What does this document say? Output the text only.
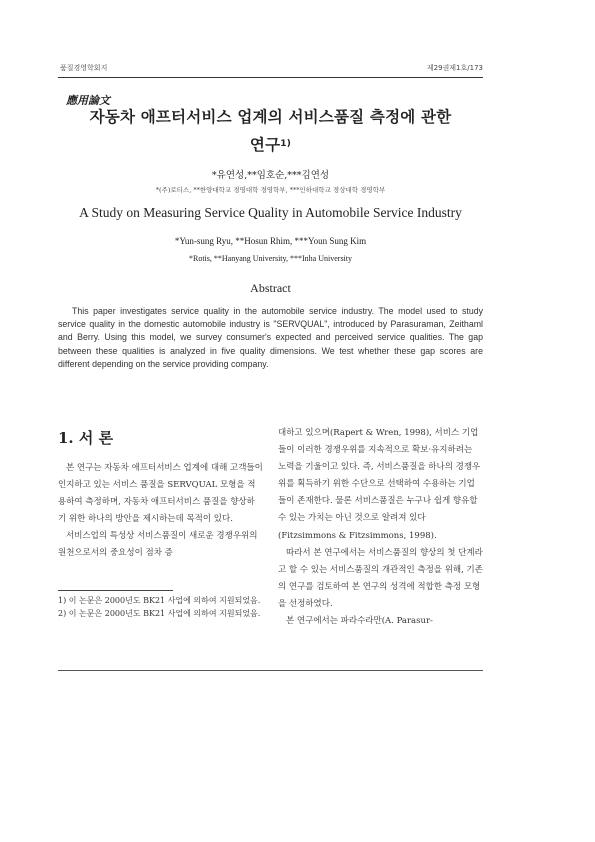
품질경영학회지	제29권제1호/173
應用論文
자동차 애프터서비스 업계의 서비스품질 측정에 관한
연구$^{1)}$
*유연성,**임호순,***김연성
*(주)로티스, **한양대학교 경영대학 경영학부, ***인하대학교 경상대학 경영학부
A Study on Measuring Service Quality in Automobile Service Industry
*Yun-sung Ryu, **Hosun Rhim, ***Youn Sung Kim
*Rotis, **Hanyang University, ***Inha University
Abstract
This paper investigates service quality in the automobile service industry. The model used to study service quality in the domestic automobile industry is "SERVQUAL", introduced by Parasuraman, Zeithaml and Berry. Using this model, we survey consumer's expected and perceived service qualities. The gap between these qualities is analyzed in five quality dimensions. We test whether these gap scores are different depending on the service providing company.
1. 서 론

본 연구는 자동차 애프터서비스 업계에 대해 고객들이 인지하고 있는 서비스 품질을 SERVQUAL 모형을 적용하여 측정하며, 자동차 애프터서비스 품질을 향상하기 위한 하나의 방안을 제시하는데 목적이 있다.

서비스업의 특성상 서비스품질이 새로운 경쟁우위의 원천으로서의 중요성이 점차 증

1) 이 논문은 2000년도 BK21 사업에 의하여 지원되었음.

2) 이 논문은 2000년도 BK21 사업에 의하여 지원되었음.

대하고 있으며(Rapert & Wren, 1998), 서비스 기업들이 이러한 경쟁우위를 지속적으로 확보·유지하려는 노력을 기울이고 있다. 즉, 서비스품질을 하나의 경쟁우위를 획득하기 위한 수단으로 선택하여 수용하는 기업들이 존재한다. 물론 서비스품질은 누구나 쉽게 향유할 수 있는 가치는 아닌 것으로 알려져 있다(Fitzsimmons & Fitzsimmons, 1998).

따라서 본 연구에서는 서비스품질의 향상의 첫 단계라고 할 수 있는 서비스품질의 개관적인 측정을 위해, 기존의 연구를 검토하여 본 연구의 성격에 적합한 측정 모형을 선정하였다.

본 연구에서는 파라수라만(A. Parasur-
